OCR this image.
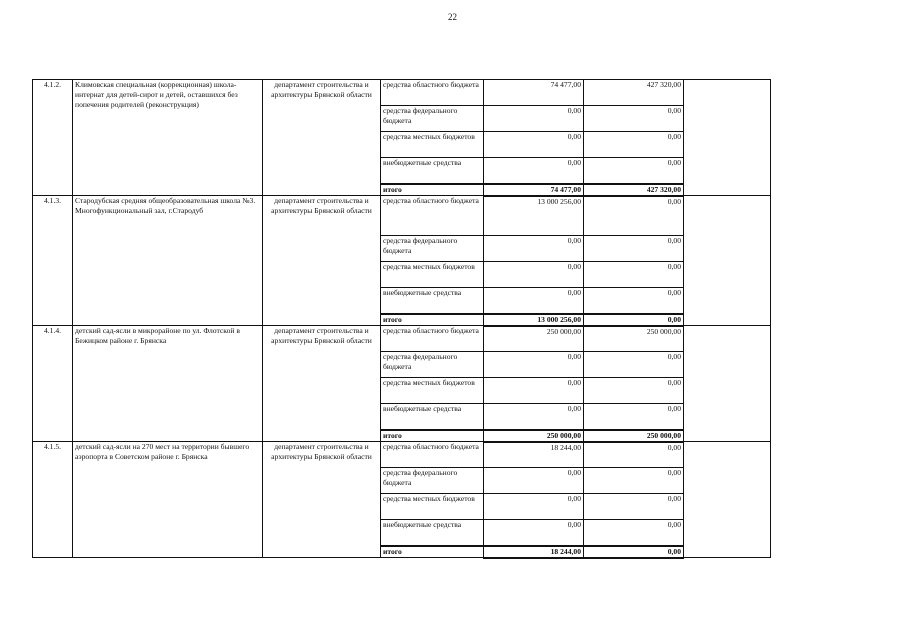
22
4.1.2.	Климовская специальная (коррекционная) школа-интернат для детей-сирот и детей, оставшихся без попечения родителей (реконструкция)	департамент строительства и архитектуры Брянской области	средства областного бюджета	74 477,00	427 320,00	
			средства федерального бюджета	0,00	0,00	
			средства местных бюджетов	0,00	0,00	
			внебюджетные средства	0,00	0,00	
			итого	74 477,00	427 320,00	
4.1.3.	Стародубская средняя общеобразовательная школа №3. Многофункциональный зал, г.Стародуб	департамент строительства и архитектуры Брянской области	средства областного бюджета	13 000 256,00	0,00	
			средства федерального бюджета	0,00	0,00	
			средства местных бюджетов	0,00	0,00	
			внебюджетные средства	0,00	0,00	
			итого	13 000 256,00	0,00	
4.1.4.	детский сад-ясли в микрорайоне по ул. Флотской в Бежицком районе г. Брянска	департамент строительства и архитектуры Брянской области	средства областного бюджета	250 000,00	250 000,00	
			средства федерального бюджета	0,00	0,00	
			средства местных бюджетов	0,00	0,00	
			внебюджетные средства	0,00	0,00	
			итого	250 000,00	250 000,00	
4.1.5.	детский сад-ясли на 270 мест на территории бывшего аэропорта в Советском районе г. Брянска	департамент строительства и архитектуры Брянской области	средства областного бюджета	18 244,00	0,00	
			средства федерального бюджета	0,00	0,00	
			средства местных бюджетов	0,00	0,00	
			внебюджетные средства	0,00	0,00	
			итого	18 244,00	0,00	
